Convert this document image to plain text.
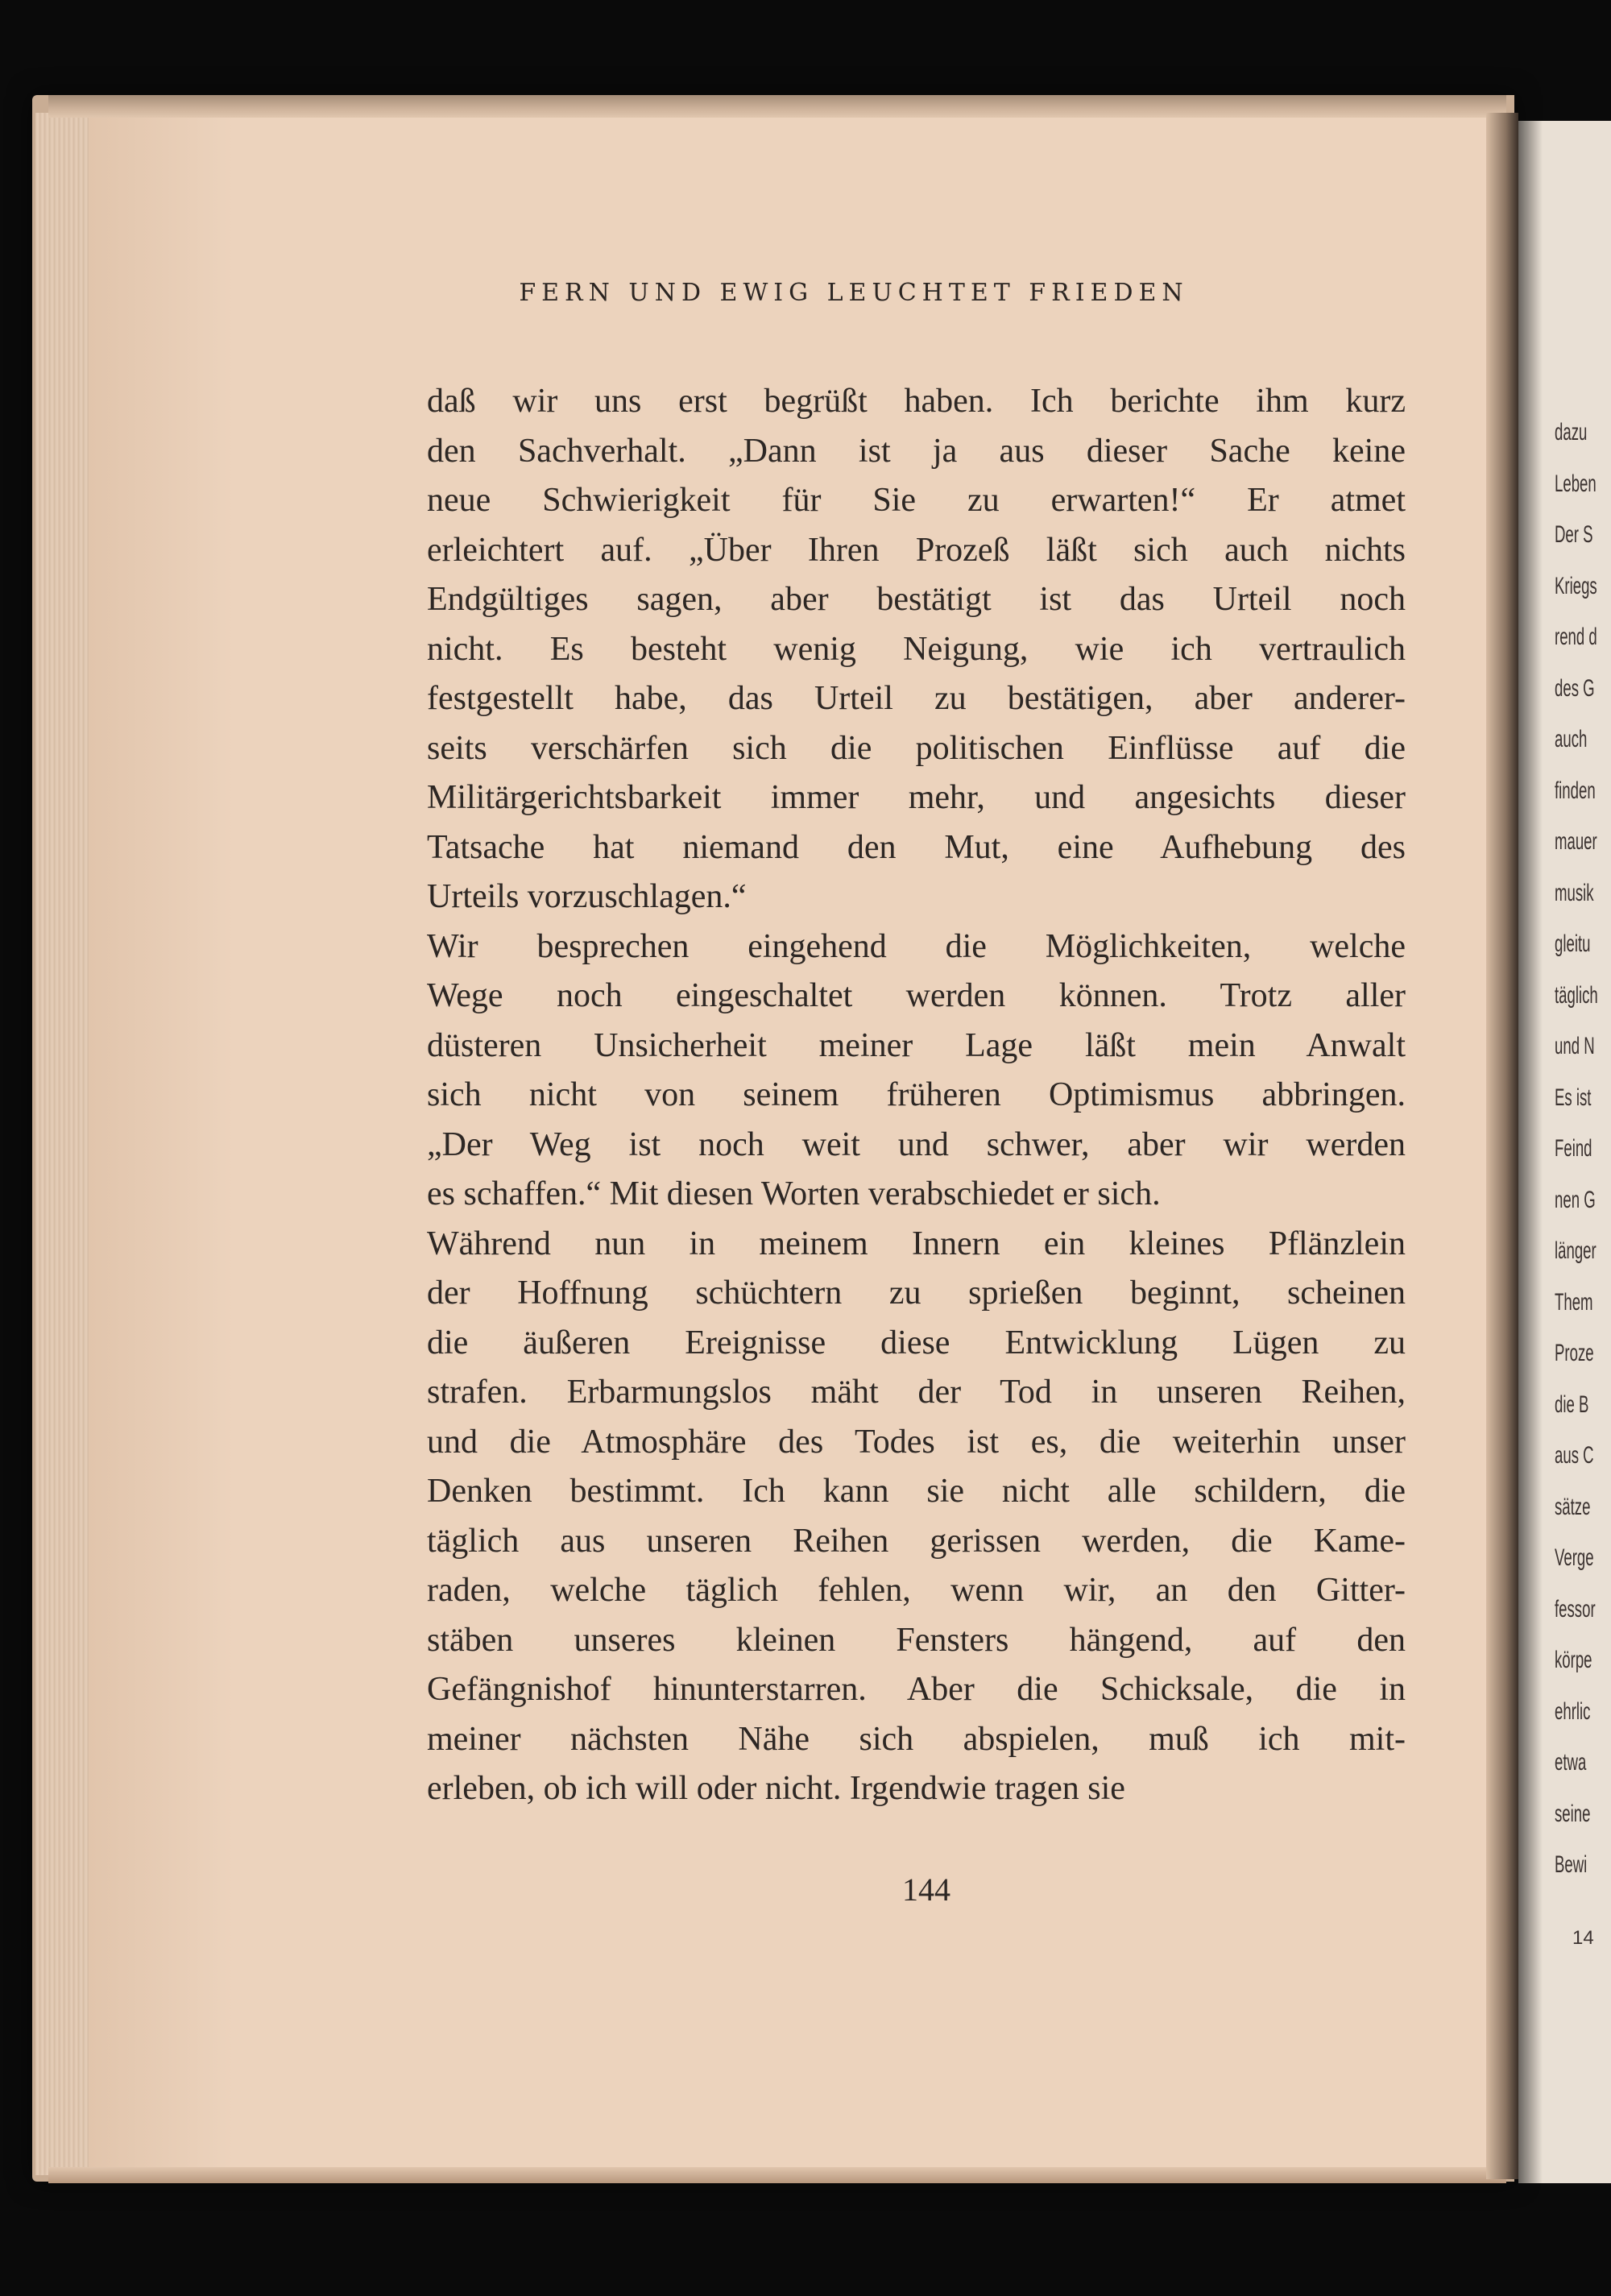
FERN UND EWIG LEUCHTET FRIEDEN
daß wir uns erst begrüßt haben. Ich berichte ihm kurz
den Sachverhalt. „Dann ist ja aus dieser Sache keine
neue Schwierigkeit für Sie zu erwarten!“ Er atmet
erleichtert auf. „Über Ihren Prozeß läßt sich auch nichts
Endgültiges sagen, aber bestätigt ist das Urteil noch
nicht. Es besteht wenig Neigung, wie ich vertraulich
festgestellt habe, das Urteil zu bestätigen, aber anderer-
seits verschärfen sich die politischen Einflüsse auf die
Militärgerichtsbarkeit immer mehr, und angesichts dieser
Tatsache hat niemand den Mut, eine Aufhebung des
Urteils vorzuschlagen.“
Wir besprechen eingehend die Möglichkeiten, welche
Wege noch eingeschaltet werden können. Trotz aller
düsteren Unsicherheit meiner Lage läßt mein Anwalt
sich nicht von seinem früheren Optimismus abbringen.
„Der Weg ist noch weit und schwer, aber wir werden
es schaffen.“ Mit diesen Worten verabschiedet er sich.
Während nun in meinem Innern ein kleines Pflänzlein
der Hoffnung schüchtern zu sprießen beginnt, scheinen
die äußeren Ereignisse diese Entwicklung Lügen zu
strafen. Erbarmungslos mäht der Tod in unseren Reihen,
und die Atmosphäre des Todes ist es, die weiterhin unser
Denken bestimmt. Ich kann sie nicht alle schildern, die
täglich aus unseren Reihen gerissen werden, die Kame-
raden, welche täglich fehlen, wenn wir, an den Gitter-
stäben unseres kleinen Fensters hängend, auf den
Gefängnishof hinunterstarren. Aber die Schicksale, die in
meiner nächsten Nähe sich abspielen, muß ich mit-
erleben, ob ich will oder nicht. Irgendwie tragen sie
144
dazu
Leben
Der S
Kriegs
rend d
des G
auch
finden
mauer
musik
gleitu
täglich
und N
Es ist
Feind
nen G
länger
Them
Proze
die B
aus C
sätze
Verge
fessor
körpe
ehrlic
etwa
seine
Bewi
14
